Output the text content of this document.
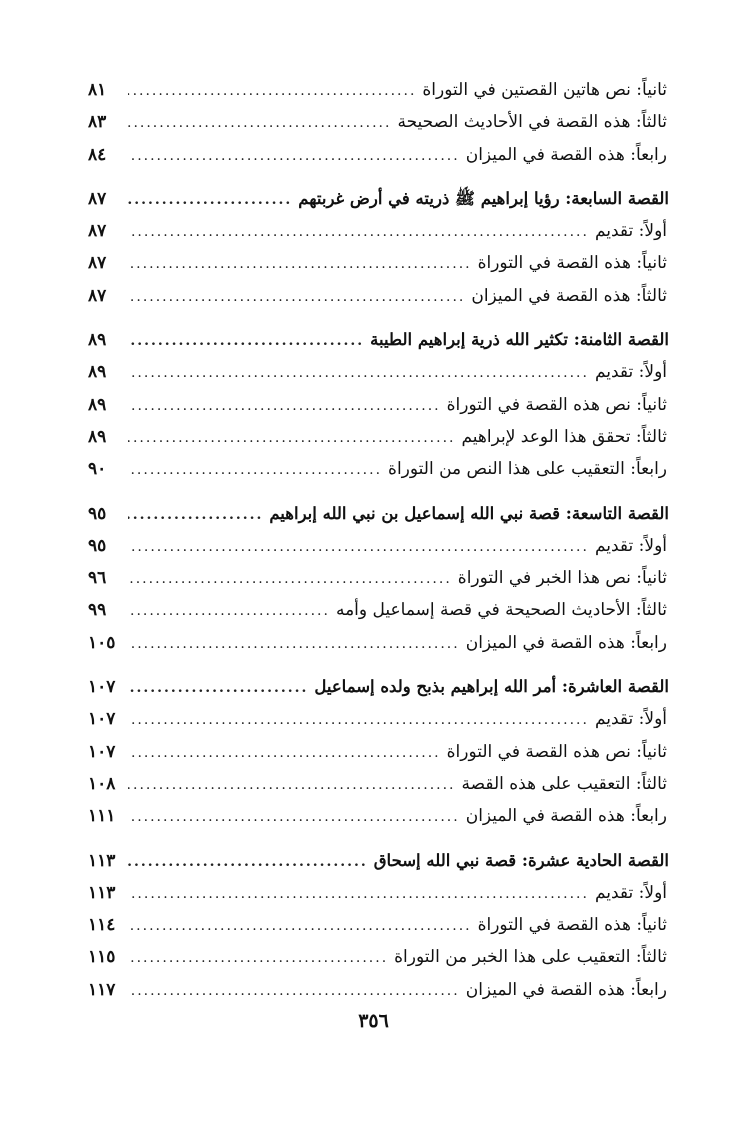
ثانياً: نص هاتين القصتين في التوراة
.....
٨١
ثالثاً: هذه القصة في الأحاديث الصحيحة
.....
٨٣
رابعاً: هذه القصة في الميزان
.....
٨٤
القصة السابعة: رؤيا إبراهيم ﷺ ذريته في أرض غربتهم
.....
٨٧
أولاً: تقديم
.....
٨٧
ثانياً: هذه القصة في التوراة
.....
٨٧
ثالثاً: هذه القصة في الميزان
.....
٨٧
القصة الثامنة: تكثير الله ذرية إبراهيم الطيبة
.....
٨٩
أولاً: تقديم
.....
٨٩
ثانياً: نص هذه القصة في التوراة
.....
٨٩
ثالثاً: تحقق هذا الوعد لإبراهيم
.....
٨٩
رابعاً: التعقيب على هذا النص من التوراة
.....
٩٠
القصة التاسعة: قصة نبي الله إسماعيل بن نبي الله إبراهيم
.....
٩٥
أولاً: تقديم
.....
٩٥
ثانياً: نص هذا الخبر في التوراة
.....
٩٦
ثالثاً: الأحاديث الصحيحة في قصة إسماعيل وأمه
.....
٩٩
رابعاً: هذه القصة في الميزان
.....
١٠٥
القصة العاشرة: أمر الله إبراهيم بذبح ولده إسماعيل
.....
١٠٧
أولاً: تقديم
.....
١٠٧
ثانياً: نص هذه القصة في التوراة
.....
١٠٧
ثالثاً: التعقيب على هذه القصة
.....
١٠٨
رابعاً: هذه القصة في الميزان
.....
١١١
القصة الحادية عشرة: قصة نبي الله إسحاق
.....
١١٣
أولاً: تقديم
.....
١١٣
ثانياً: هذه القصة في التوراة
.....
١١٤
ثالثاً: التعقيب على هذا الخبر من التوراة
.....
١١٥
رابعاً: هذه القصة في الميزان
.....
١١٧
٣٥٦
